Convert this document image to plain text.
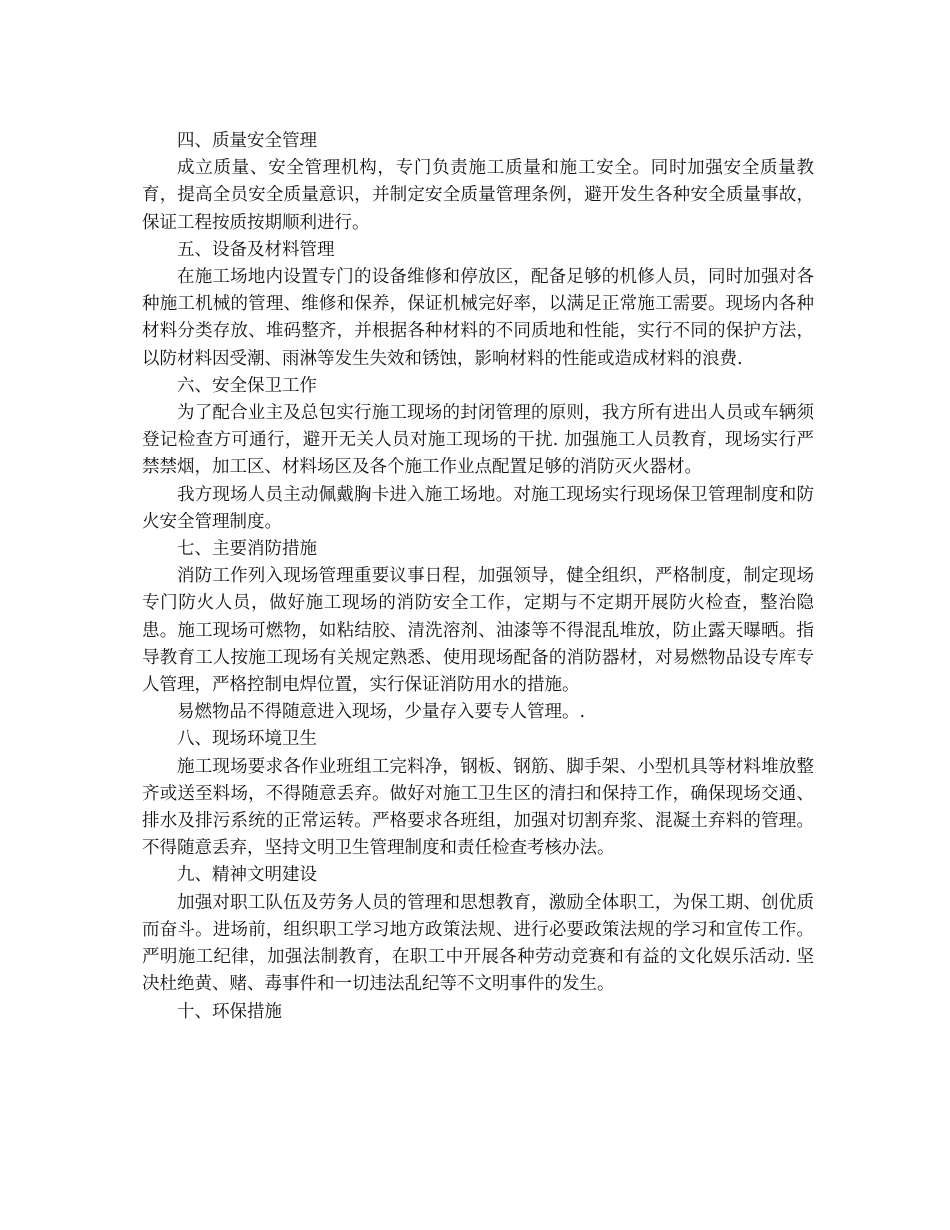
四、质量安全管理

成立质量、安全管理机构，专门负责施工质量和施工安全。同时加强安全质量教育，提高全员安全质量意识，并制定安全质量管理条例，避开发生各种安全质量事故，保证工程按质按期顺利进行。

五、设备及材料管理

在施工场地内设置专门的设备维修和停放区，配备足够的机修人员，同时加强对各种施工机械的管理、维修和保养，保证机械完好率，以满足正常施工需要。现场内各种材料分类存放、堆码整齐，并根据各种材料的不同质地和性能，实行不同的保护方法，以防材料因受潮、雨淋等发生失效和锈蚀，影响材料的性能或造成材料的浪费.

六、安全保卫工作

为了配合业主及总包实行施工现场的封闭管理的原则，我方所有进出人员或车辆须登记检查方可通行，避开无关人员对施工现场的干扰. 加强施工人员教育，现场实行严禁禁烟，加工区、材料场区及各个施工作业点配置足够的消防灭火器材。

我方现场人员主动佩戴胸卡进入施工场地。对施工现场实行现场保卫管理制度和防火安全管理制度。

七、主要消防措施

消防工作列入现场管理重要议事日程，加强领导，健全组织，严格制度，制定现场专门防火人员，做好施工现场的消防安全工作，定期与不定期开展防火检查，整治隐患。施工现场可燃物，如粘结胶、清洗溶剂、油漆等不得混乱堆放，防止露天曝晒。指导教育工人按施工现场有关规定熟悉、使用现场配备的消防器材，对易燃物品设专库专人管理，严格控制电焊位置，实行保证消防用水的措施。

易燃物品不得随意进入现场，少量存入要专人管理。.

八、现场环境卫生

施工现场要求各作业班组工完料净，钢板、钢筋、脚手架、小型机具等材料堆放整齐或送至料场，不得随意丢弃。做好对施工卫生区的清扫和保持工作，确保现场交通、排水及排污系统的正常运转。严格要求各班组，加强对切割弃浆、混凝土弃料的管理。不得随意丢弃，坚持文明卫生管理制度和责任检查考核办法。

九、精神文明建设

加强对职工队伍及劳务人员的管理和思想教育，激励全体职工，为保工期、创优质而奋斗。进场前，组织职工学习地方政策法规、进行必要政策法规的学习和宣传工作。严明施工纪律，加强法制教育，在职工中开展各种劳动竞赛和有益的文化娱乐活动. 坚决杜绝黄、赌、毒事件和一切违法乱纪等不文明事件的发生。

十、环保措施
